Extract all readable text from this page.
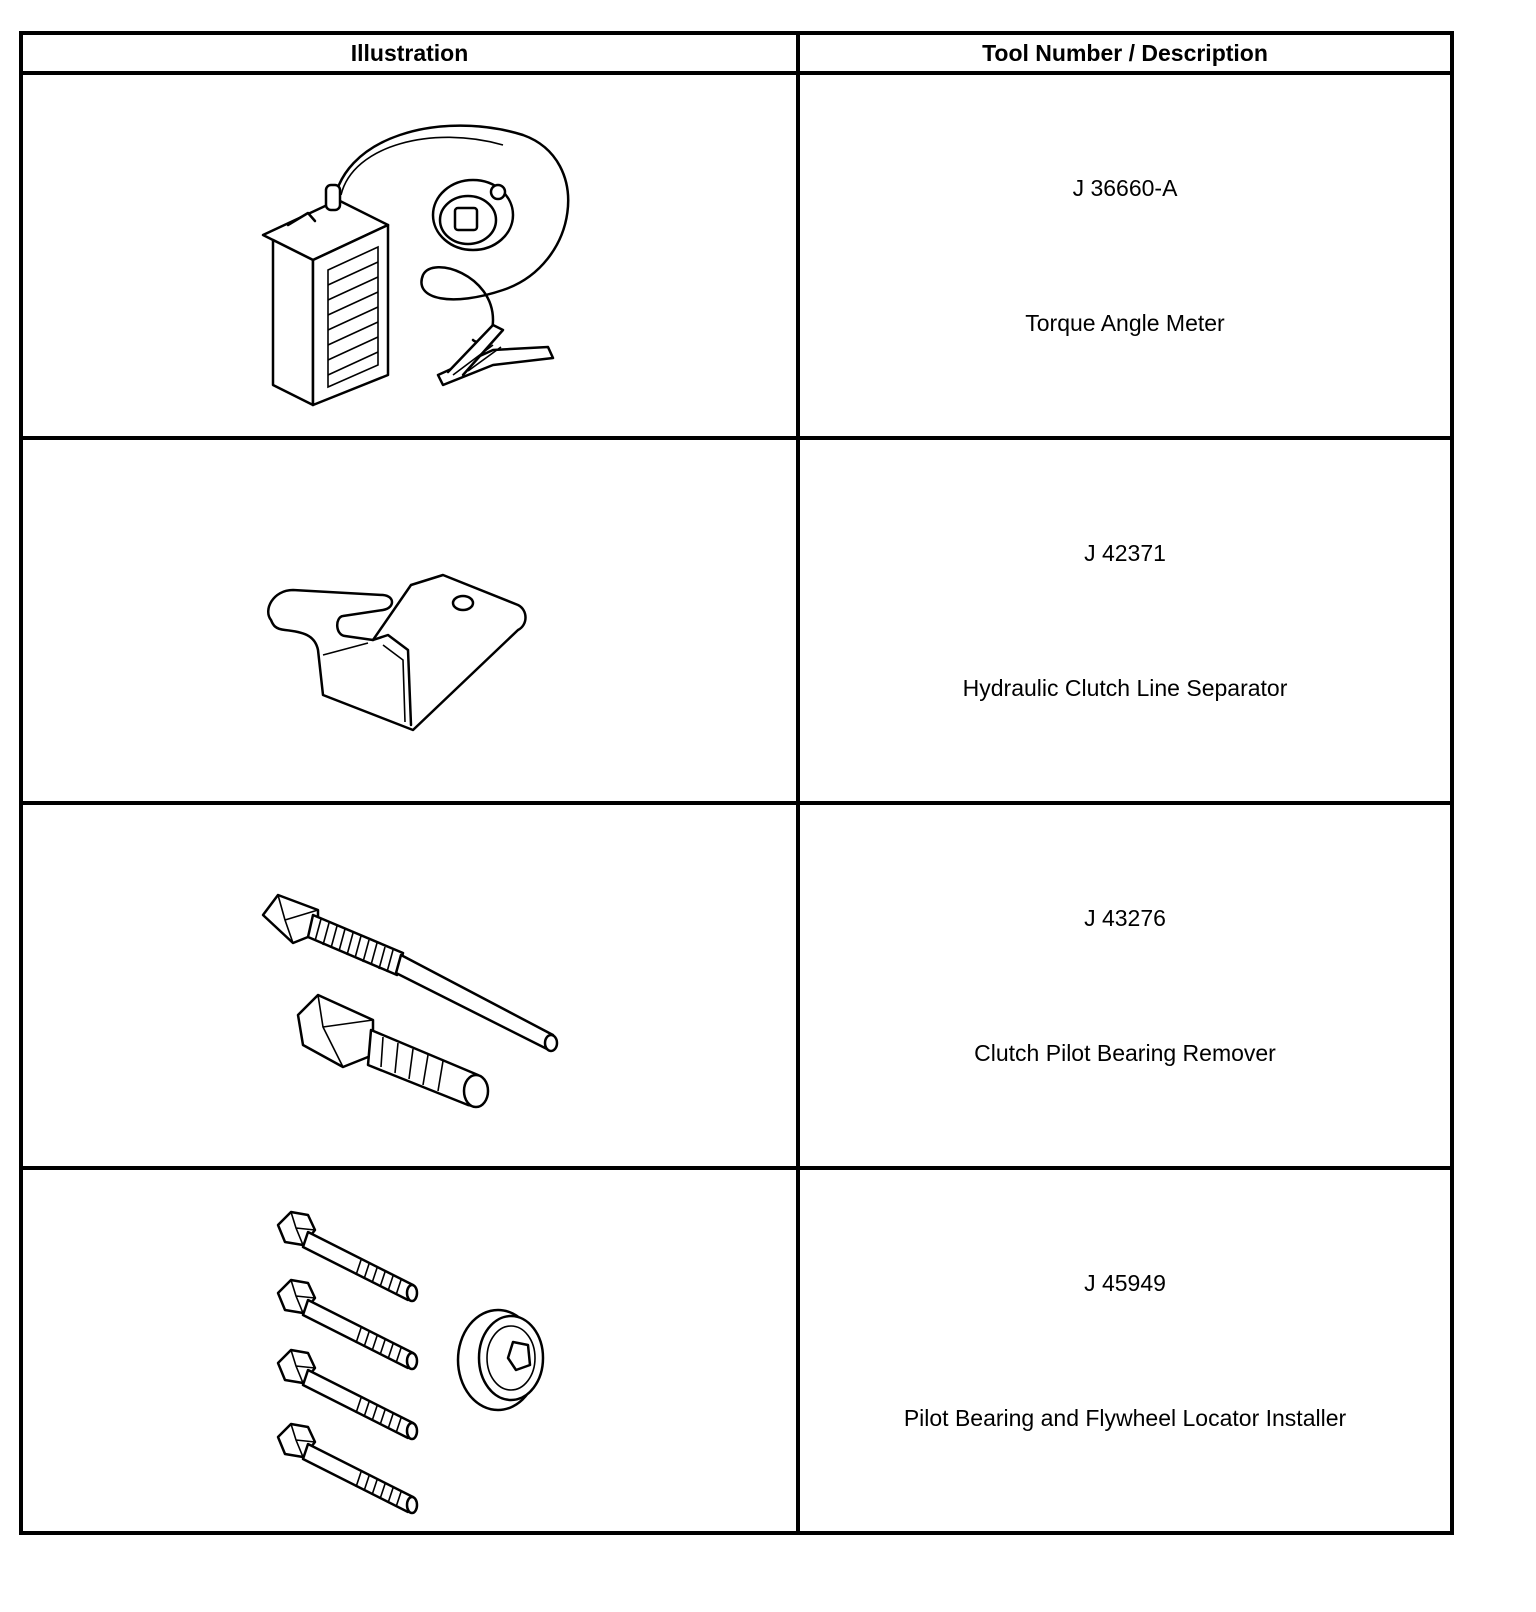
Illustration	Tool Number / Description

J 36660-A
Torque Angle Meter

J 42371
Hydraulic Clutch Line Separator

J 43276
Clutch Pilot Bearing Remover

J 45949
Pilot Bearing and Flywheel Locator Installer
